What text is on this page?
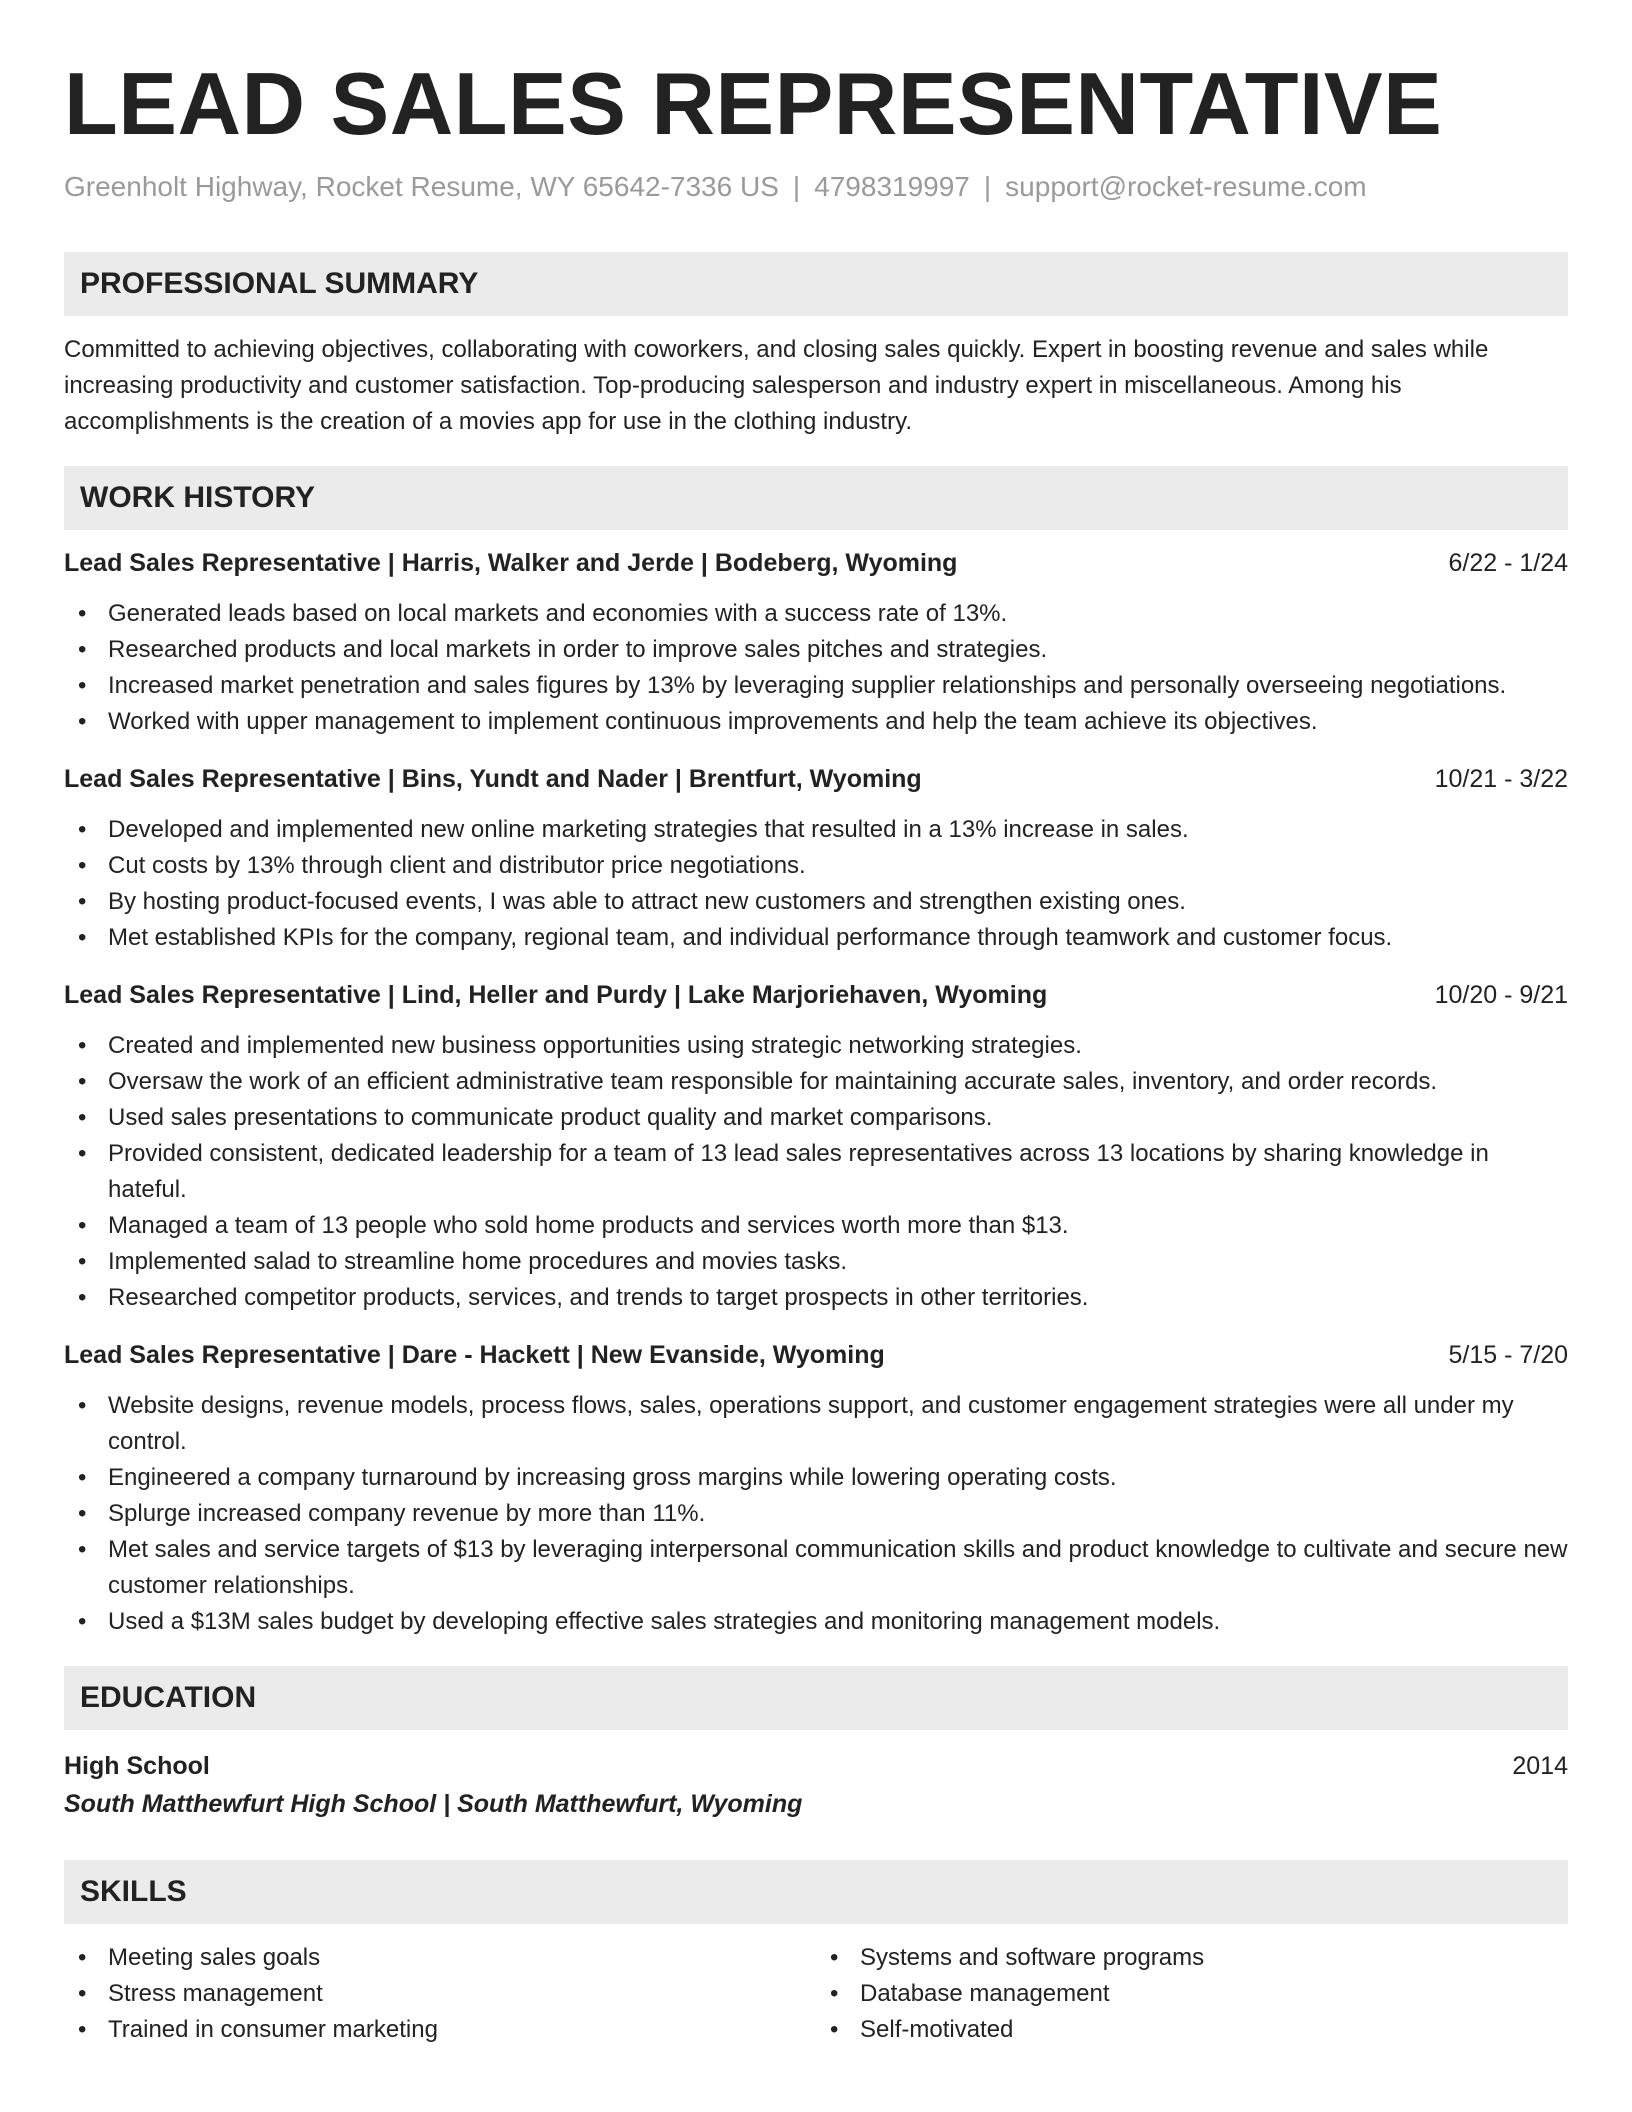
LEAD SALES REPRESENTATIVE
Greenholt Highway, Rocket Resume, WY 65642-7336 US | 4798319997 | support@rocket-resume.com
PROFESSIONAL SUMMARY

Committed to achieving objectives, collaborating with coworkers, and closing sales quickly. Expert in boosting revenue and sales while increasing productivity and customer satisfaction. Top-producing salesperson and industry expert in miscellaneous. Among his accomplishments is the creation of a movies app for use in the clothing industry.

WORK HISTORY
Lead Sales Representative | Harris, Walker and Jerde | Bodeberg, Wyoming	6/22 - 1/24
• Generated leads based on local markets and economies with a success rate of 13%.
• Researched products and local markets in order to improve sales pitches and strategies.
• Increased market penetration and sales figures by 13% by leveraging supplier relationships and personally overseeing negotiations.
• Worked with upper management to implement continuous improvements and help the team achieve its objectives.
Lead Sales Representative | Bins, Yundt and Nader | Brentfurt, Wyoming	10/21 - 3/22
• Developed and implemented new online marketing strategies that resulted in a 13% increase in sales.
• Cut costs by 13% through client and distributor price negotiations.
• By hosting product-focused events, I was able to attract new customers and strengthen existing ones.
• Met established KPIs for the company, regional team, and individual performance through teamwork and customer focus.
Lead Sales Representative | Lind, Heller and Purdy | Lake Marjoriehaven, Wyoming	10/20 - 9/21
• Created and implemented new business opportunities using strategic networking strategies.
• Oversaw the work of an efficient administrative team responsible for maintaining accurate sales, inventory, and order records.
• Used sales presentations to communicate product quality and market comparisons.
• Provided consistent, dedicated leadership for a team of 13 lead sales representatives across 13 locations by sharing knowledge in hateful.
• Managed a team of 13 people who sold home products and services worth more than $13.
• Implemented salad to streamline home procedures and movies tasks.
• Researched competitor products, services, and trends to target prospects in other territories.
Lead Sales Representative | Dare - Hackett | New Evanside, Wyoming	5/15 - 7/20
• Website designs, revenue models, process flows, sales, operations support, and customer engagement strategies were all under my control.
• Engineered a company turnaround by increasing gross margins while lowering operating costs.
• Splurge increased company revenue by more than 11%.
• Met sales and service targets of $13 by leveraging interpersonal communication skills and product knowledge to cultivate and secure new customer relationships.
• Used a $13M sales budget by developing effective sales strategies and monitoring management models.
EDUCATION
High School	2014
South Matthewfurt High School | South Matthewfurt, Wyoming
SKILLS
• Meeting sales goals
• Stress management
• Trained in consumer marketing
• Systems and software programs
• Database management
• Self-motivated
